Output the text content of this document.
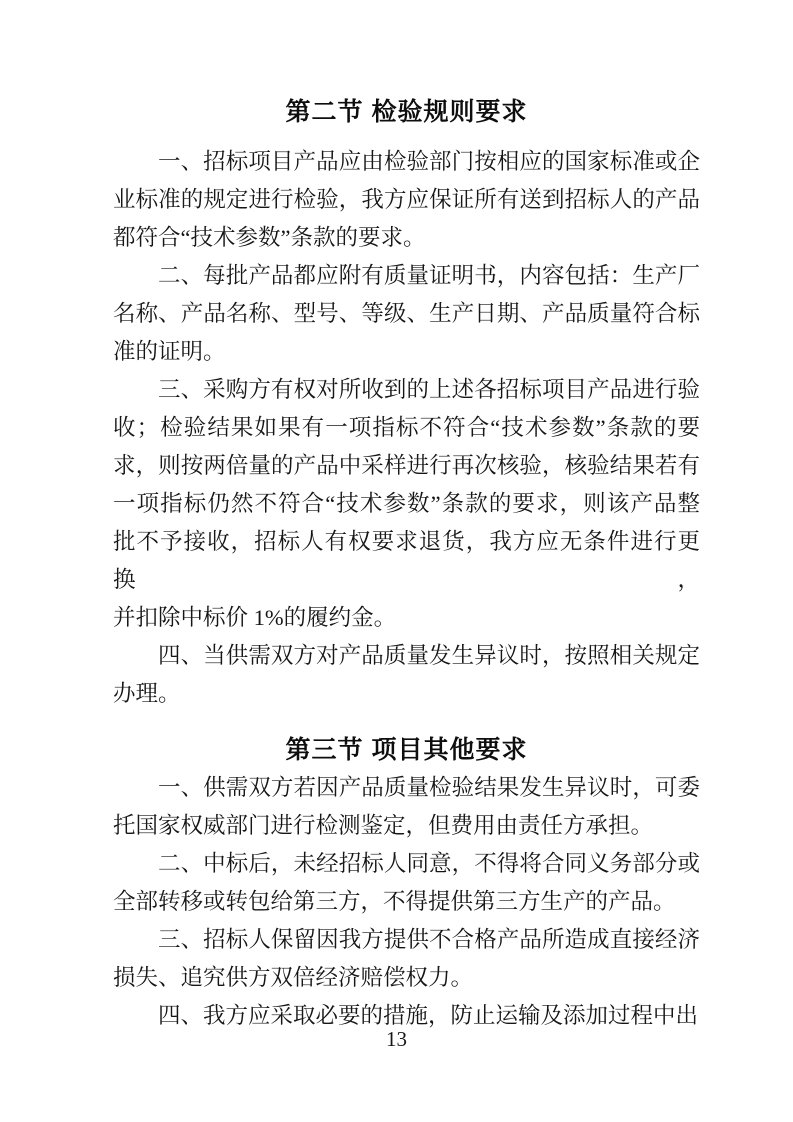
第二节 检验规则要求
一、招标项目产品应由检验部门按相应的国家标准或企
业标准的规定进行检验，我方应保证所有送到招标人的产品
都符合“技术参数”条款的要求。
二、每批产品都应附有质量证明书，内容包括：生产厂
名称、产品名称、型号、等级、生产日期、产品质量符合标
准的证明。
三、采购方有权对所收到的上述各招标项目产品进行验
收；检验结果如果有一项指标不符合“技术参数”条款的要
求，则按两倍量的产品中采样进行再次核验，核验结果若有
一项指标仍然不符合“技术参数”条款的要求，则该产品整
批不予接收，招标人有权要求退货，我方应无条件进行更换，
并扣除中标价 1%的履约金。
四、当供需双方对产品质量发生异议时，按照相关规定
办理。
第三节 项目其他要求
一、供需双方若因产品质量检验结果发生异议时，可委
托国家权威部门进行检测鉴定，但费用由责任方承担。
二、中标后，未经招标人同意，不得将合同义务部分或
全部转移或转包给第三方，不得提供第三方生产的产品。
三、招标人保留因我方提供不合格产品所造成直接经济
损失、追究供方双倍经济赔偿权力。
四、我方应采取必要的措施，防止运输及添加过程中出
13
